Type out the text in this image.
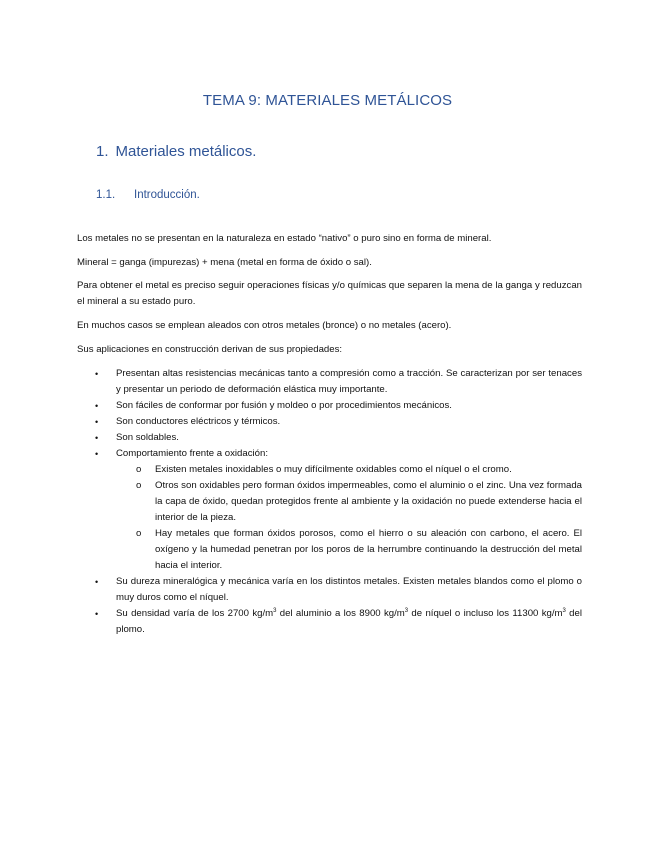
TEMA 9: MATERIALES METÁLICOS
1. Materiales metálicos.
1.1. Introducción.

Los metales no se presentan en la naturaleza en estado “nativo” o puro sino en forma de mineral.

Mineral = ganga (impurezas) + mena (metal en forma de óxido o sal).

Para obtener el metal es preciso seguir operaciones físicas y/o químicas que separen la mena de la ganga y reduzcan el mineral a su estado puro.

En muchos casos se emplean aleados con otros metales (bronce) o no metales (acero).

Sus aplicaciones en construcción derivan de sus propiedades:

• Presentan altas resistencias mecánicas tanto a compresión como a tracción. Se caracterizan por ser tenaces y presentar un periodo de deformación elástica muy importante.
• Son fáciles de conformar por fusión y moldeo o por procedimientos mecánicos.
• Son conductores eléctricos y térmicos.
• Son soldables.
• Comportamiento frente a oxidación:
o Existen metales inoxidables o muy difícilmente oxidables como el níquel o el cromo.
o Otros son oxidables pero forman óxidos impermeables, como el aluminio o el zinc. Una vez formada la capa de óxido, quedan protegidos frente al ambiente y la oxidación no puede extenderse hacia el interior de la pieza.
o Hay metales que forman óxidos porosos, como el hierro o su aleación con carbono, el acero. El oxígeno y la humedad penetran por los poros de la herrumbre continuando la destrucción del metal hacia el interior.
• Su dureza mineralógica y mecánica varía en los distintos metales. Existen metales blandos como el plomo o muy duros como el níquel.
• Su densidad varía de los 2700 $kg/m^3$ del aluminio a los 8900 $kg/m^3$ de níquel o incluso los 11300 $kg/m^3$ del plomo.
